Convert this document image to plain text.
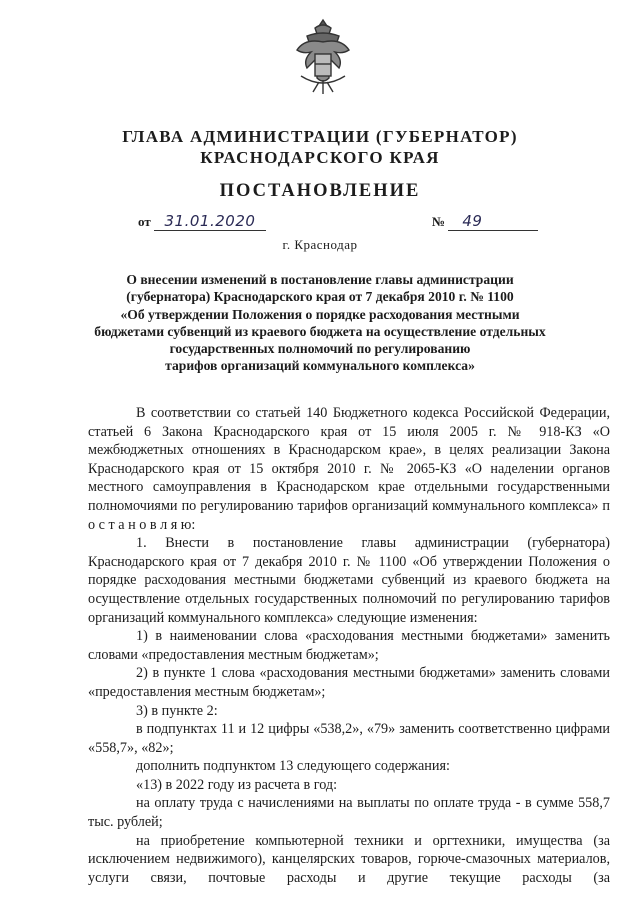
ГЛАВА АДМИНИСТРАЦИИ (ГУБЕРНАТОР)
КРАСНОДАРСКОГО КРАЯ
ПОСТАНОВЛЕНИЕ
от 31.01.2020	№ 49
г. Краснодар
О внесении изменений в постановление главы администрации
(губернатора) Краснодарского края от 7 декабря 2010 г. № 1100
«Об утверждении Положения о порядке расходования местными
бюджетами субвенций из краевого бюджета на осуществление отдельных
государственных полномочий по регулированию
тарифов организаций коммунального комплекса»

В соответствии со статьей 140 Бюджетного кодекса Российской Федерации, статьей 6 Закона Краснодарского края от 15 июля 2005 г. № 918-КЗ «О межбюджетных отношениях в Краснодарском крае», в целях реализации Закона Краснодарского края от 15 октября 2010 г. № 2065-КЗ «О наделении органов местного самоуправления в Краснодарском крае отдельными государственными полномочиями по регулированию тарифов организаций коммунального комплекса» п о с т а н о в л я ю:

1. Внести в постановление главы администрации (губернатора) Краснодарского края от 7 декабря 2010 г. № 1100 «Об утверждении Положения о порядке расходования местными бюджетами субвенций из краевого бюджета на осуществление отдельных государственных полномочий по регулированию тарифов организаций коммунального комплекса» следующие изменения:

1) в наименовании слова «расходования местными бюджетами» заменить словами «предоставления местным бюджетам»;

2) в пункте 1 слова «расходования местными бюджетами» заменить словами «предоставления местным бюджетам»;

3) в пункте 2:

в подпунктах 11 и 12 цифры «538,2», «79» заменить соответственно цифрами «558,7», «82»;

дополнить подпунктом 13 следующего содержания:

«13) в 2022 году из расчета в год:

на оплату труда с начислениями на выплаты по оплате труда - в сумме 558,7 тыс. рублей;

на приобретение компьютерной техники и оргтехники, имущества (за исключением недвижимого), канцелярских товаров, горюче-смазочных материалов, услуги связи, почтовые расходы и другие текущие расходы (за
